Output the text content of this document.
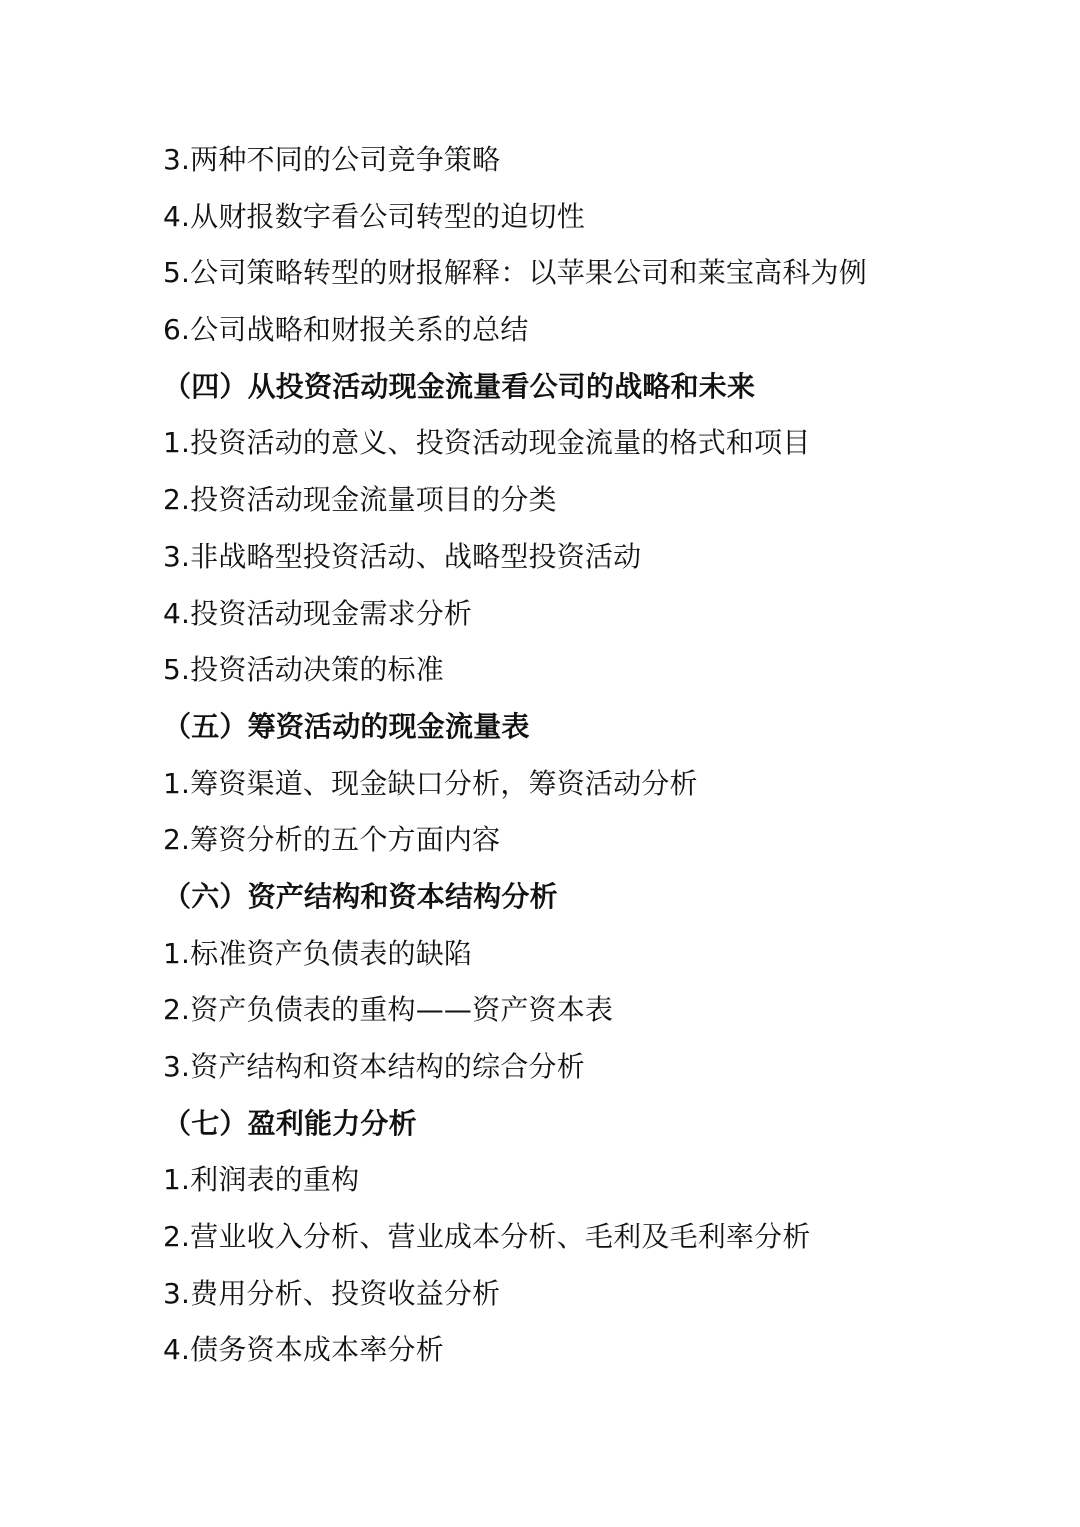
3.两种不同的公司竞争策略
4.从财报数字看公司转型的迫切性
5.公司策略转型的财报解释：以苹果公司和莱宝高科为例
6.公司战略和财报关系的总结
（四）从投资活动现金流量看公司的战略和未来
1.投资活动的意义、投资活动现金流量的格式和项目
2.投资活动现金流量项目的分类
3.非战略型投资活动、战略型投资活动
4.投资活动现金需求分析
5.投资活动决策的标准
（五）筹资活动的现金流量表
1.筹资渠道、现金缺口分析，筹资活动分析
2.筹资分析的五个方面内容
（六）资产结构和资本结构分析
1.标准资产负债表的缺陷
2.资产负债表的重构——资产资本表
3.资产结构和资本结构的综合分析
（七）盈利能力分析
1.利润表的重构
2.营业收入分析、营业成本分析、毛利及毛利率分析
3.费用分析、投资收益分析
4.债务资本成本率分析
